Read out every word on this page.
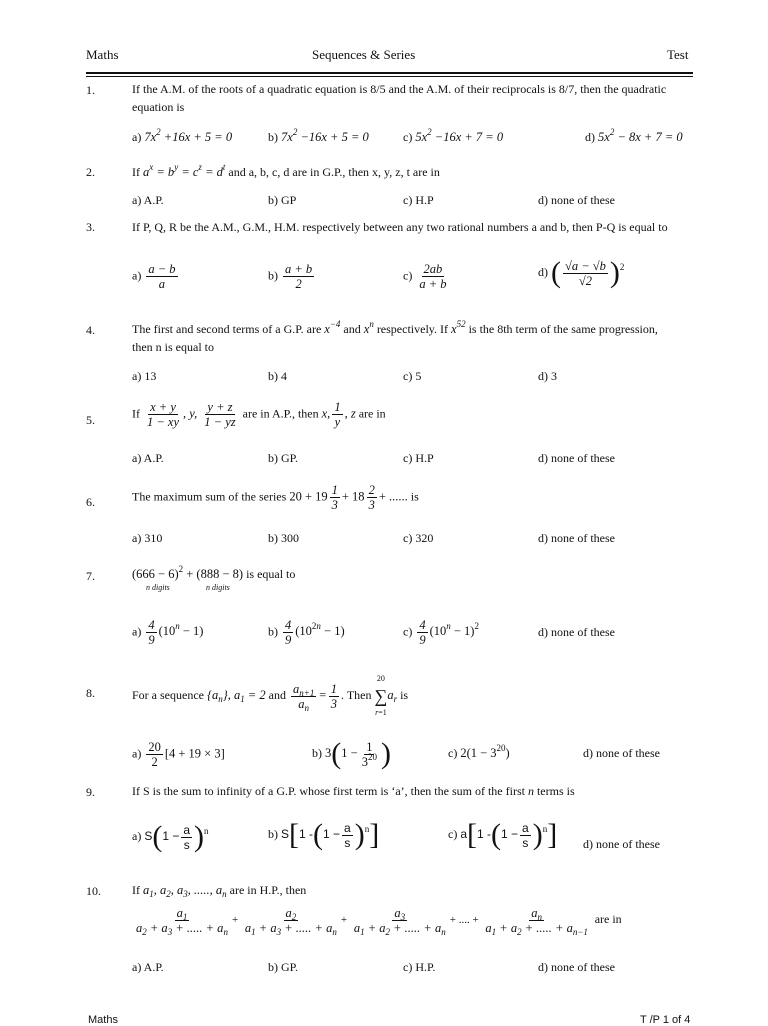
Maths	Sequences & Series	Test
1.	If the A.M. of the roots of a quadratic equation is 8/5 and the A.M. of their reciprocals is 8/7, then the quadratic equation is
a) $7x^2 +16x + 5 = 0$	b) $7x^2 -16x + 5 = 0$	c) $5x^2 -16x + 7 = 0$	d) $5x^2 - 8x + 7 = 0$
2.	If $a^x = b^y = c^z = d^t$ and a, b, c, d are in G.P., then x, y, z, t are in
a) A.P.	b) GP	c) H.P	d) none of these
3.	If P, Q, R be the A.M., G.M., H.M. respectively between any two rational numbers a and b, then P-Q is equal to
$a) \frac{a - b}{a}$	$b) \frac{a + b}{2}$	$c) \frac{2ab}{a + b}$	d) ( $\frac{√a - √b}{√2} )^2$
4.	The first and second terms of a G.P. are $x^{-4}$ and $x^n$ respectively. If $x^{52}$ is the 8th term of the same progression,
then n is equal to
a) 13	b) 4	c) 5	d) 3
5.	If $\frac{x + y}{1 - xy}$ , y, $\frac{y + z}{1 - yz}$ are in A.P., then x, $\frac{1}{y}$ , z are in
a) A.P.	b) GP.	c) H.P	d) none of these
6.	The maximum sum of the series $20 + 19 \frac{1}{3} + 18 \frac{2}{3}$ + ...... is
a) 310	b) 300	c) 320	d) none of these
7.	$(666 - 6)^2 + (888 - 8)$ is equal to
n digits	n digits
$a) \frac{4}{9} (10^n - 1)$	$b) \frac{4}{9} (10^{2n} - 1)$	$c) \frac{4}{9} (10^n - 1)^2$	d) none of these
8.	For a sequence $\{a_n\}$, $a_1 = 2$ and $\frac{a_{n+1}}{a_n} = \frac{1}{3}$ . Then
20
∑
r=1
$a_r$ is
$a) \frac{20}{2} [4 + 19 \times 3]$	b) $3(1 - \frac{1}{3^{20}}$ )	c) $2(1 - 3^{20})$	d) none of these
9.	If S is the sum to infinity of a G.P. whose first term is ‘a’, then the sum of the first n terms is
a) $S(1 - \frac{a}{s} )^n$	b) S[1 $-(1 - \frac{a}{s} )^n$]	c) a[1 $-(1 - \frac{a}{s} )^n$] d) none of these
10.	If $a_1$, $a_2$, $a_3$, ....., $a_n$ are in H.P., then
$\frac{a_1}{a_2 + a_3 + ..... + a_n} + \frac{a_2}{a_1 + a_3 + ..... + a_n} + \frac{a_3}{a_1 + a_2 + ..... + a_n}$ + .... + $\frac{a_n}{a_1 + a_2 + ..... + a_{n-1}}$ are in
a) A.P.	b) GP.	c) H.P.	d) none of these
Maths	T /P 1 of 4
